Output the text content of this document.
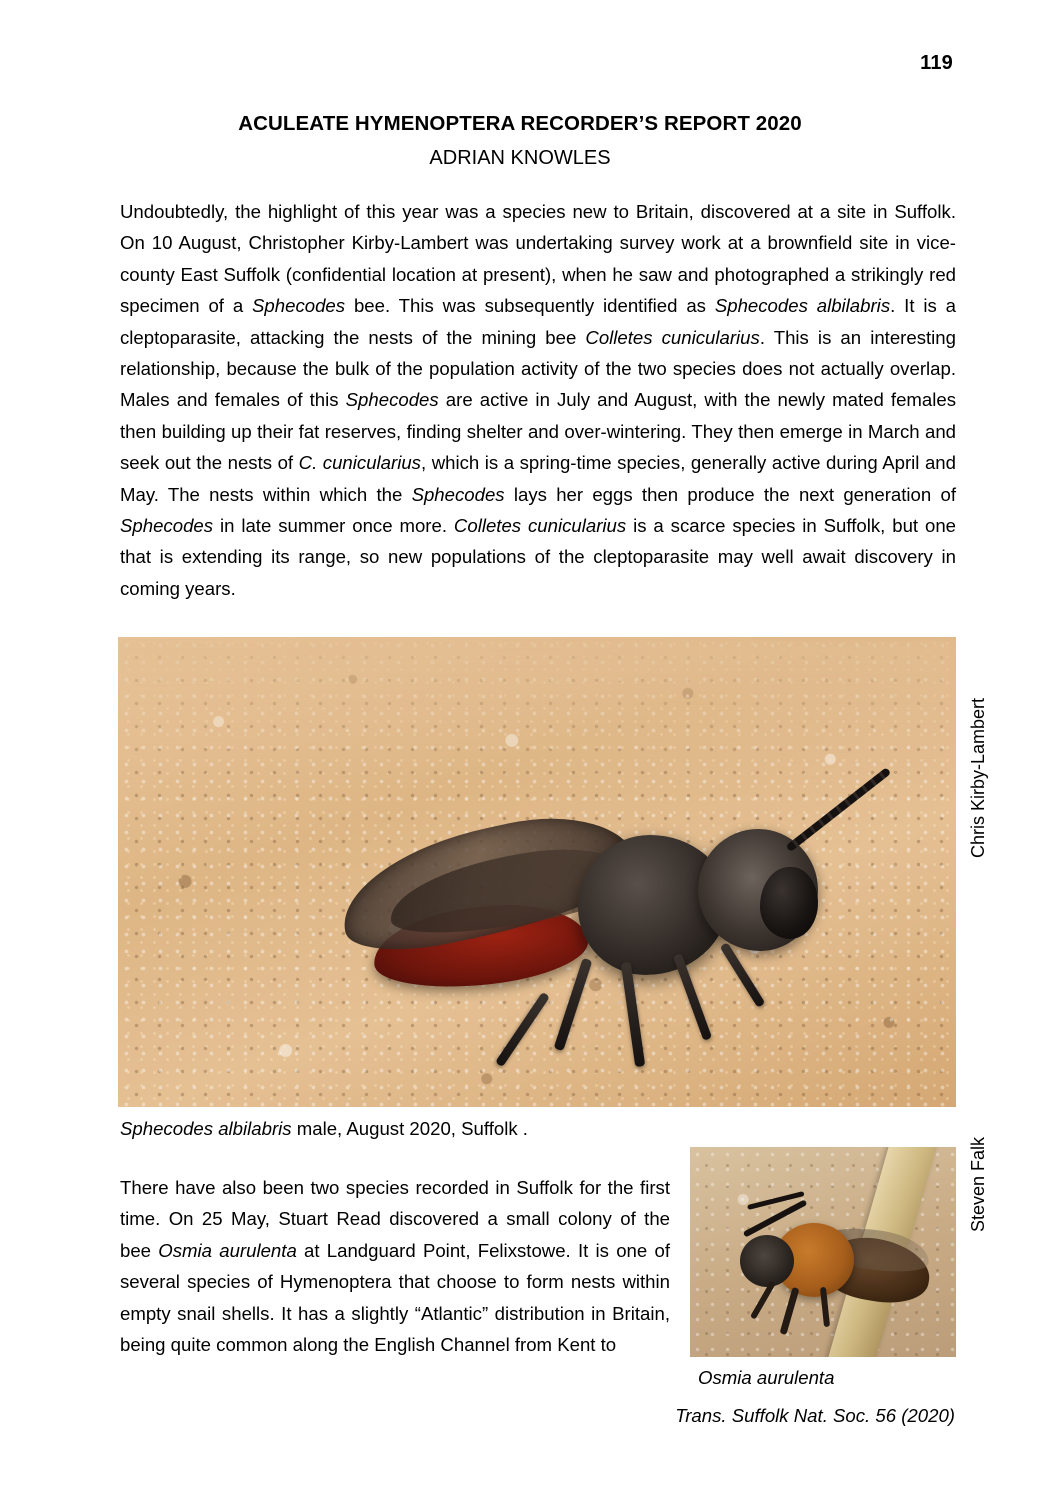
119
ACULEATE HYMENOPTERA RECORDER’S REPORT 2020
ADRIAN KNOWLES
Undoubtedly, the highlight of this year was a species new to Britain, discovered at a site in Suffolk. On 10 August, Christopher Kirby-Lambert was undertaking survey work at a brownfield site in vice-county East Suffolk (confidential location at present), when he saw and photographed a strikingly red specimen of a Sphecodes bee. This was subsequently identified as Sphecodes albilabris. It is a cleptoparasite, attacking the nests of the mining bee Colletes cunicularius. This is an interesting relationship, because the bulk of the population activity of the two species does not actually overlap. Males and females of this Sphecodes are active in July and August, with the newly mated females then building up their fat reserves, finding shelter and over-wintering. They then emerge in March and seek out the nests of C. cunicularius, which is a spring-time species, generally active during April and May. The nests within which the Sphecodes lays her eggs then produce the next generation of Sphecodes in late summer once more. Colletes cunicularius is a scarce species in Suffolk, but one that is extending its range, so new populations of the cleptoparasite may well await discovery in coming years.
Chris Kirby-Lambert
Sphecodes albilabris male, August 2020, Suffolk .
There have also been two species recorded in Suffolk for the first time. On 25 May, Stuart Read discovered a small colony of the bee Osmia aurulenta at Landguard Point, Felixstowe. It is one of several species of Hymenoptera that choose to form nests within empty snail shells. It has a slightly “Atlantic” distribution in Britain, being quite common along the English Channel from Kent to
Steven Falk
Osmia aurulenta
Trans. Suffolk Nat. Soc. 56 (2020)
